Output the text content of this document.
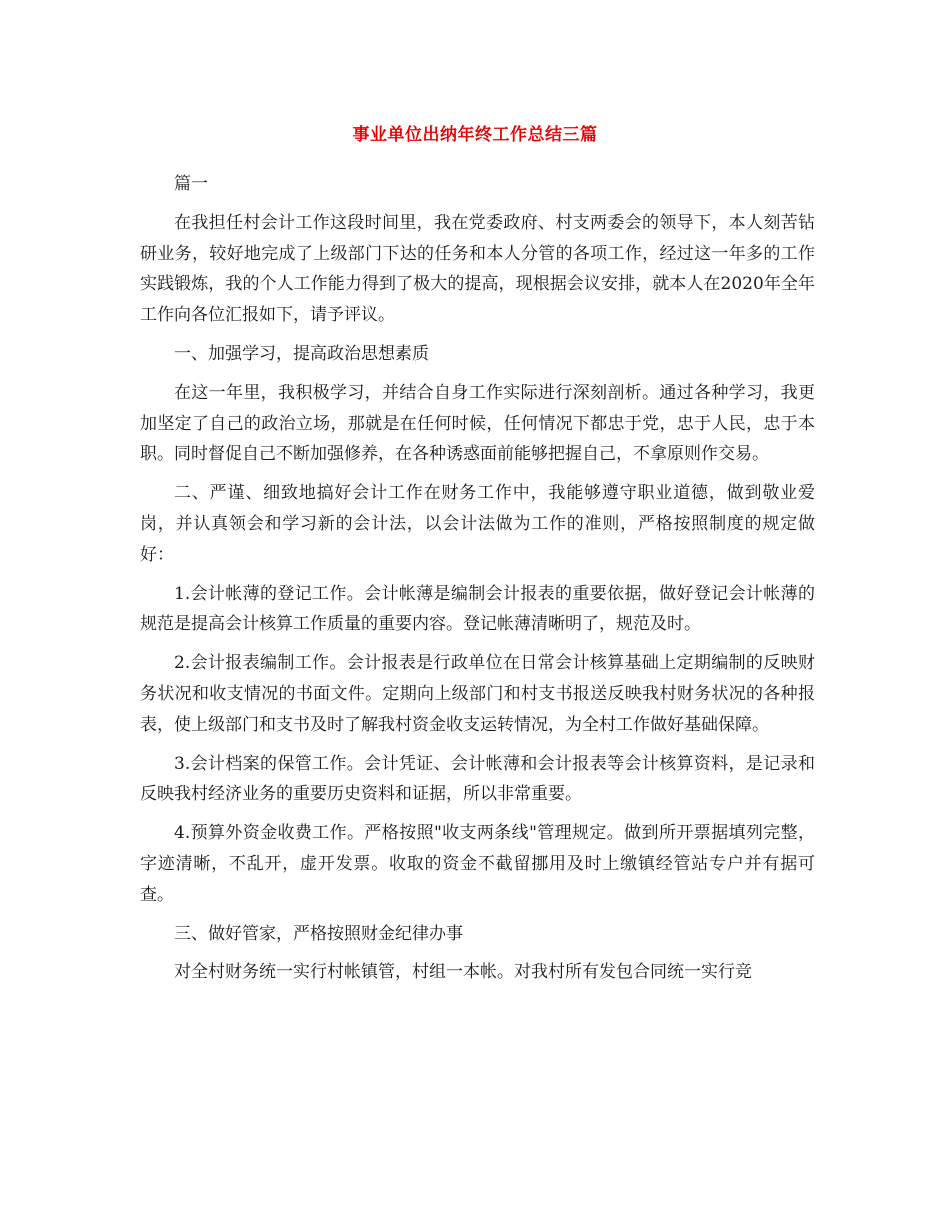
事业单位出纳年终工作总结三篇

篇一

在我担任村会计工作这段时间里，我在党委政府、村支两委会的领导下，本人刻苦钻研业务，较好地完成了上级部门下达的任务和本人分管的各项工作，经过这一年多的工作实践锻炼，我的个人工作能力得到了极大的提高，现根据会议安排，就本人在2020年全年工作向各位汇报如下，请予评议。

一、加强学习，提高政治思想素质

在这一年里，我积极学习，并结合自身工作实际进行深刻剖析。通过各种学习，我更加坚定了自己的政治立场，那就是在任何时候，任何情况下都忠于党，忠于人民，忠于本职。同时督促自己不断加强修养，在各种诱惑面前能够把握自己，不拿原则作交易。

二、严谨、细致地搞好会计工作在财务工作中，我能够遵守职业道德，做到敬业爱岗，并认真领会和学习新的会计法，以会计法做为工作的准则，严格按照制度的规定做好：

1.会计帐薄的登记工作。会计帐薄是编制会计报表的重要依据，做好登记会计帐薄的规范是提高会计核算工作质量的重要内容。登记帐薄清晰明了，规范及时。

2.会计报表编制工作。会计报表是行政单位在日常会计核算基础上定期编制的反映财务状况和收支情况的书面文件。定期向上级部门和村支书报送反映我村财务状况的各种报表，使上级部门和支书及时了解我村资金收支运转情况，为全村工作做好基础保障。

3.会计档案的保管工作。会计凭证、会计帐薄和会计报表等会计核算资料，是记录和反映我村经济业务的重要历史资料和证据，所以非常重要。

4.预算外资金收费工作。严格按照"收支两条线"管理规定。做到所开票据填列完整，字迹清晰，不乱开，虚开发票。收取的资金不截留挪用及时上缴镇经管站专户并有据可查。

三、做好管家，严格按照财金纪律办事

对全村财务统一实行村帐镇管，村组一本帐。对我村所有发包合同统一实行竞
